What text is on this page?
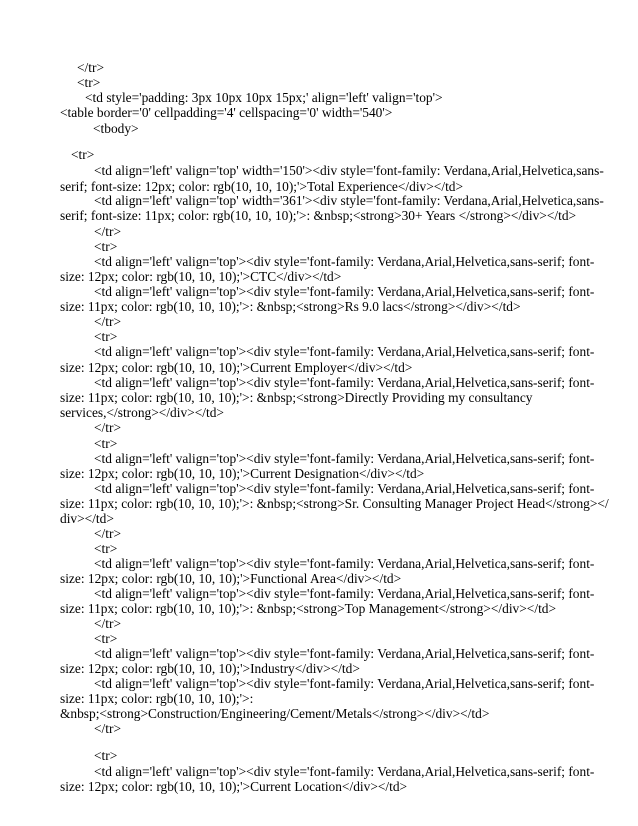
</tr>
<tr>
<td style='padding: 3px 10px 10px 15px;' align='left' valign='top'>
<table border='0' cellpadding='4' cellspacing='0' width='540'>
<tbody>
<tr>
<td align='left' valign='top' width='150'><div style='font-family: Verdana,Arial,Helvetica,sans-
serif; font-size: 12px; color: rgb(10, 10, 10);'>Total Experience</div></td>
<td align='left' valign='top' width='361'><div style='font-family: Verdana,Arial,Helvetica,sans-
serif; font-size: 11px; color: rgb(10, 10, 10);'>: &nbsp;<strong>30+ Years </strong></div></td>
</tr>
<tr>
<td align='left' valign='top'><div style='font-family: Verdana,Arial,Helvetica,sans-serif; font-
size: 12px; color: rgb(10, 10, 10);'>CTC</div></td>
<td align='left' valign='top'><div style='font-family: Verdana,Arial,Helvetica,sans-serif; font-
size: 11px; color: rgb(10, 10, 10);'>: &nbsp;<strong>Rs 9.0 lacs</strong></div></td>
</tr>
<tr>
<td align='left' valign='top'><div style='font-family: Verdana,Arial,Helvetica,sans-serif; font-
size: 12px; color: rgb(10, 10, 10);'>Current Employer</div></td>
<td align='left' valign='top'><div style='font-family: Verdana,Arial,Helvetica,sans-serif; font-
size: 11px; color: rgb(10, 10, 10);'>: &nbsp;<strong>Directly Providing my consultancy
services,</strong></div></td>
</tr>
<tr>
<td align='left' valign='top'><div style='font-family: Verdana,Arial,Helvetica,sans-serif; font-
size: 12px; color: rgb(10, 10, 10);'>Current Designation</div></td>
<td align='left' valign='top'><div style='font-family: Verdana,Arial,Helvetica,sans-serif; font-
size: 11px; color: rgb(10, 10, 10);'>: &nbsp;<strong>Sr. Consulting Manager Project Head</strong></
div></td>
</tr>
<tr>
<td align='left' valign='top'><div style='font-family: Verdana,Arial,Helvetica,sans-serif; font-
size: 12px; color: rgb(10, 10, 10);'>Functional Area</div></td>
<td align='left' valign='top'><div style='font-family: Verdana,Arial,Helvetica,sans-serif; font-
size: 11px; color: rgb(10, 10, 10);'>: &nbsp;<strong>Top Management</strong></div></td>
</tr>
<tr>
<td align='left' valign='top'><div style='font-family: Verdana,Arial,Helvetica,sans-serif; font-
size: 12px; color: rgb(10, 10, 10);'>Industry</div></td>
<td align='left' valign='top'><div style='font-family: Verdana,Arial,Helvetica,sans-serif; font-
size: 11px; color: rgb(10, 10, 10);'>:
&nbsp;<strong>Construction/Engineering/Cement/Metals</strong></div></td>
</tr>
<tr>
<td align='left' valign='top'><div style='font-family: Verdana,Arial,Helvetica,sans-serif; font-
size: 12px; color: rgb(10, 10, 10);'>Current Location</div></td>
